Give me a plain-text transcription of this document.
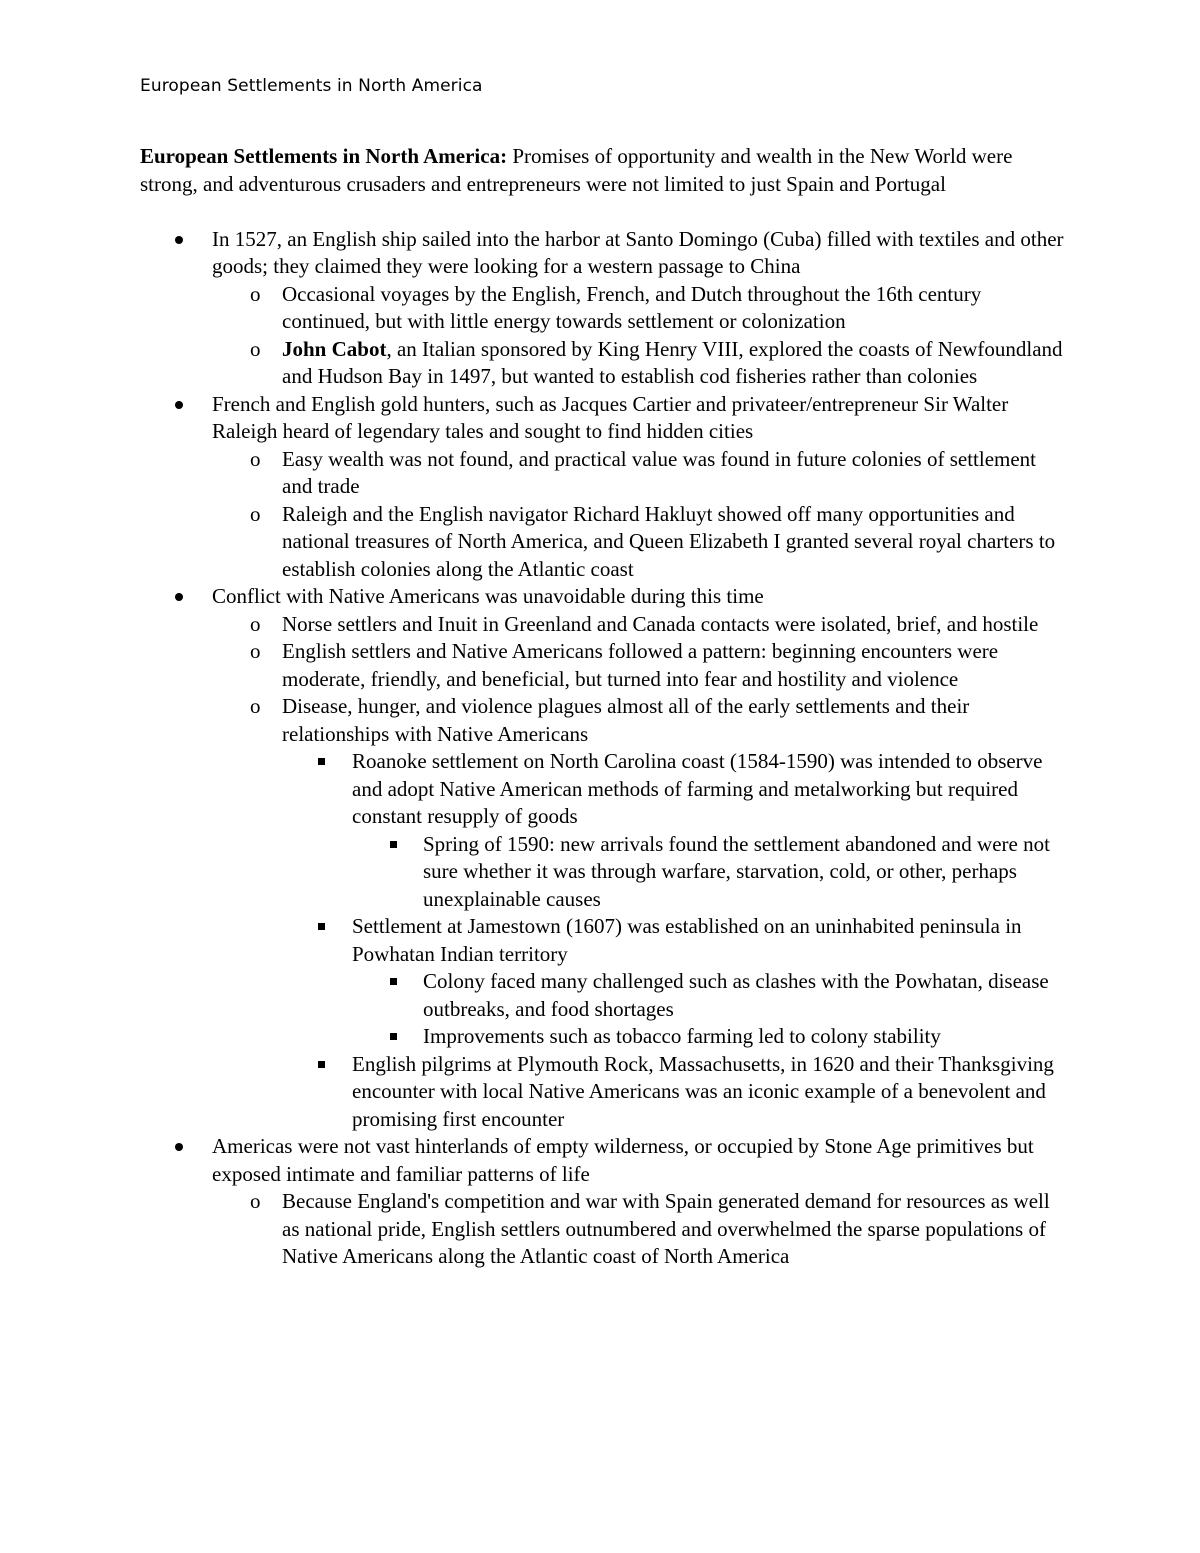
European Settlements in North America

European Settlements in North America: Promises of opportunity and wealth in the New World were strong, and adventurous crusaders and entrepreneurs were not limited to just Spain and Portugal

In 1527, an English ship sailed into the harbor at Santo Domingo (Cuba) filled with textiles and other goods; they claimed they were looking for a western passage to China
o Occasional voyages by the English, French, and Dutch throughout the 16th century continued, but with little energy towards settlement or colonization
o John Cabot, an Italian sponsored by King Henry VIII, explored the coasts of Newfoundland and Hudson Bay in 1497, but wanted to establish cod fisheries rather than colonies
French and English gold hunters, such as Jacques Cartier and privateer/entrepreneur Sir Walter Raleigh heard of legendary tales and sought to find hidden cities
o Easy wealth was not found, and practical value was found in future colonies of settlement and trade
o Raleigh and the English navigator Richard Hakluyt showed off many opportunities and national treasures of North America, and Queen Elizabeth I granted several royal charters to establish colonies along the Atlantic coast
Conflict with Native Americans was unavoidable during this time
o Norse settlers and Inuit in Greenland and Canada contacts were isolated, brief, and hostile
o English settlers and Native Americans followed a pattern: beginning encounters were moderate, friendly, and beneficial, but turned into fear and hostility and violence
o Disease, hunger, and violence plagues almost all of the early settlements and their relationships with Native Americans
Roanoke settlement on North Carolina coast (1584-1590) was intended to observe and adopt Native American methods of farming and metalworking but required constant resupply of goods
Spring of 1590: new arrivals found the settlement abandoned and were not sure whether it was through warfare, starvation, cold, or other, perhaps unexplainable causes
Settlement at Jamestown (1607) was established on an uninhabited peninsula in Powhatan Indian territory
Colony faced many challenged such as clashes with the Powhatan, disease outbreaks, and food shortages
Improvements such as tobacco farming led to colony stability
English pilgrims at Plymouth Rock, Massachusetts, in 1620 and their Thanksgiving encounter with local Native Americans was an iconic example of a benevolent and promising first encounter
Americas were not vast hinterlands of empty wilderness, or occupied by Stone Age primitives but exposed intimate and familiar patterns of life
o Because England's competition and war with Spain generated demand for resources as well as national pride, English settlers outnumbered and overwhelmed the sparse populations of Native Americans along the Atlantic coast of North America
